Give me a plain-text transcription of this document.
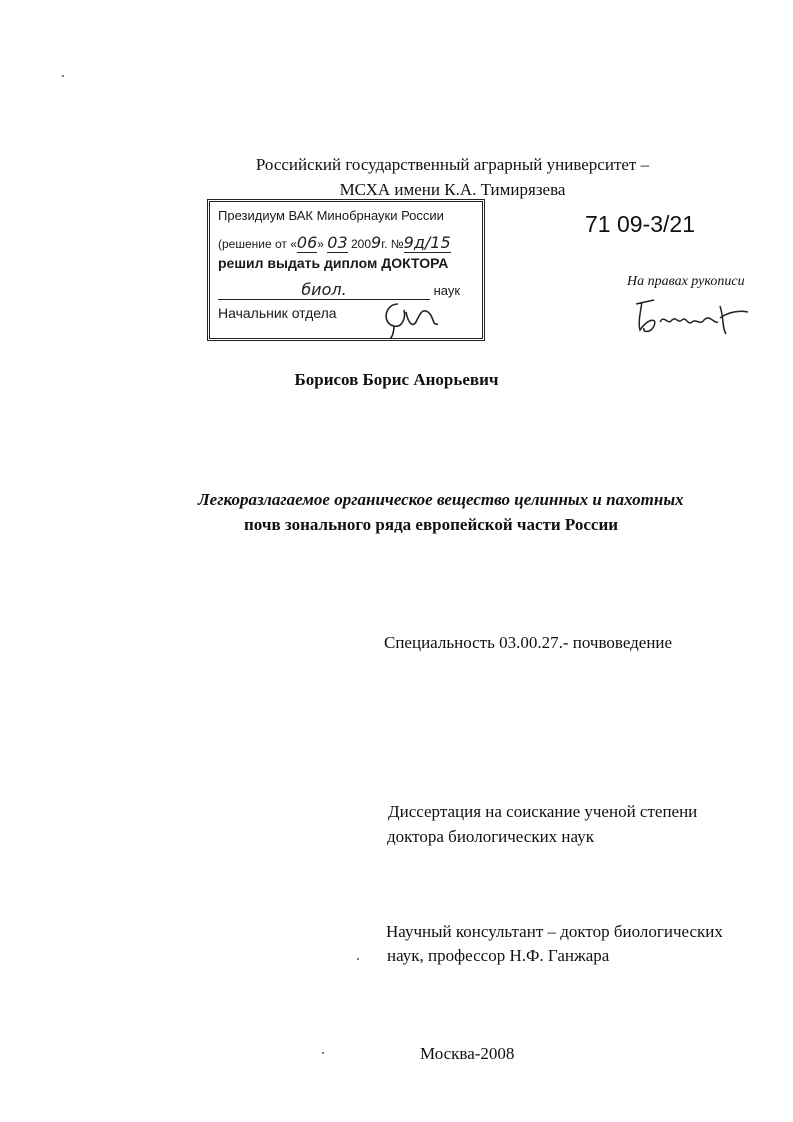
Российский государственный аграрный университет –
МСХА имени К.А. Тимирязева
Президиум ВАК Минобрнауки России
(решение от «06» 03 2009г. №9д/15
решил выдать диплом ДОКТОРА
биол.	наук
Начальник отдела
71 09-3/21
На правах рукописи
Борисов Борис Анорьевич
Легкоразлагаемое органическое вещество целинных и пахотных
почв зонального ряда европейской части России
Специальность 03.00.27.- почвоведение
Диссертация на соискание ученой степени
доктора биологических наук
Научный консультант – доктор биологических
наук, профессор Н.Ф. Ганжара
Москва-2008
